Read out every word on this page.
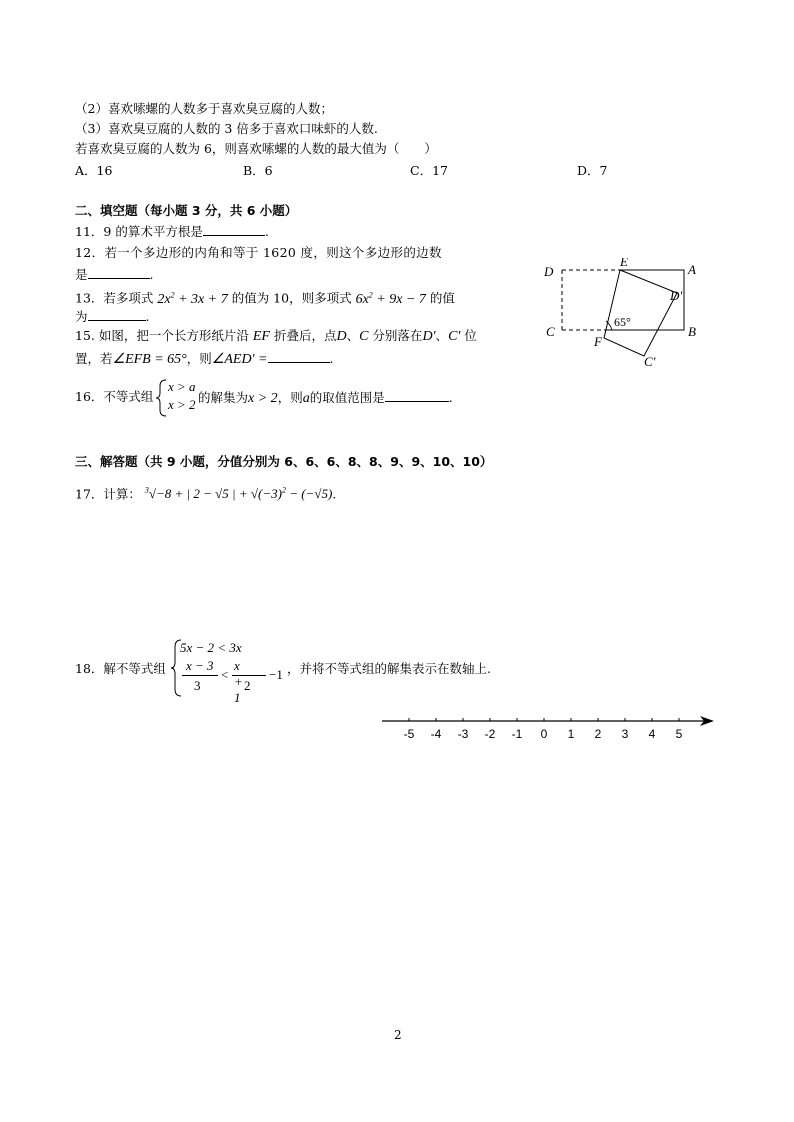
（2）喜欢嗦螺的人数多于喜欢臭豆腐的人数；
（3）喜欢臭豆腐的人数的 3 倍多于喜欢口味虾的人数.
若喜欢臭豆腐的人数为 6，则喜欢嗦螺的人数的最大值为（　　）
A．16	B．6	C．17	D．7
二、填空题（每小题 3 分，共 6 小题）
11．9 的算术平方根是	.
12．若一个多边形的内角和等于 1620 度，则这个多边形的边数
是	.
13．若多项式 $2x^2 + 3x + 7$ 的值为 10，则多项式 $6x^2 + 9x - 7$ 的值
为	.
15. 如图，把一个长方形纸片沿 EF 折叠后，点D、C 分别落在D'、C' 位
置，若∠EFB = 65°，则∠AED' =	.
16．不等式组
x > a
x > 2 的解集为x > 2，则a的取值范围是	.
D
E
A
D'
C	B
F
C'
65°
三、解答题（共 9 小题，分值分别为 6、6、6、8、8、9、9、10、10）
17．计算： $^3$√−8 + | 2 − √5 | + $√(-3)^2 - (-√5)$.
18．解不等式组
5x − 2 < 3x
x − 3
3
<
x + 1
2
−1 ，并将不等式组的解集表示在数轴上.
-5 -4 -3 -2 -1 0 1 2 3 4 5
2
